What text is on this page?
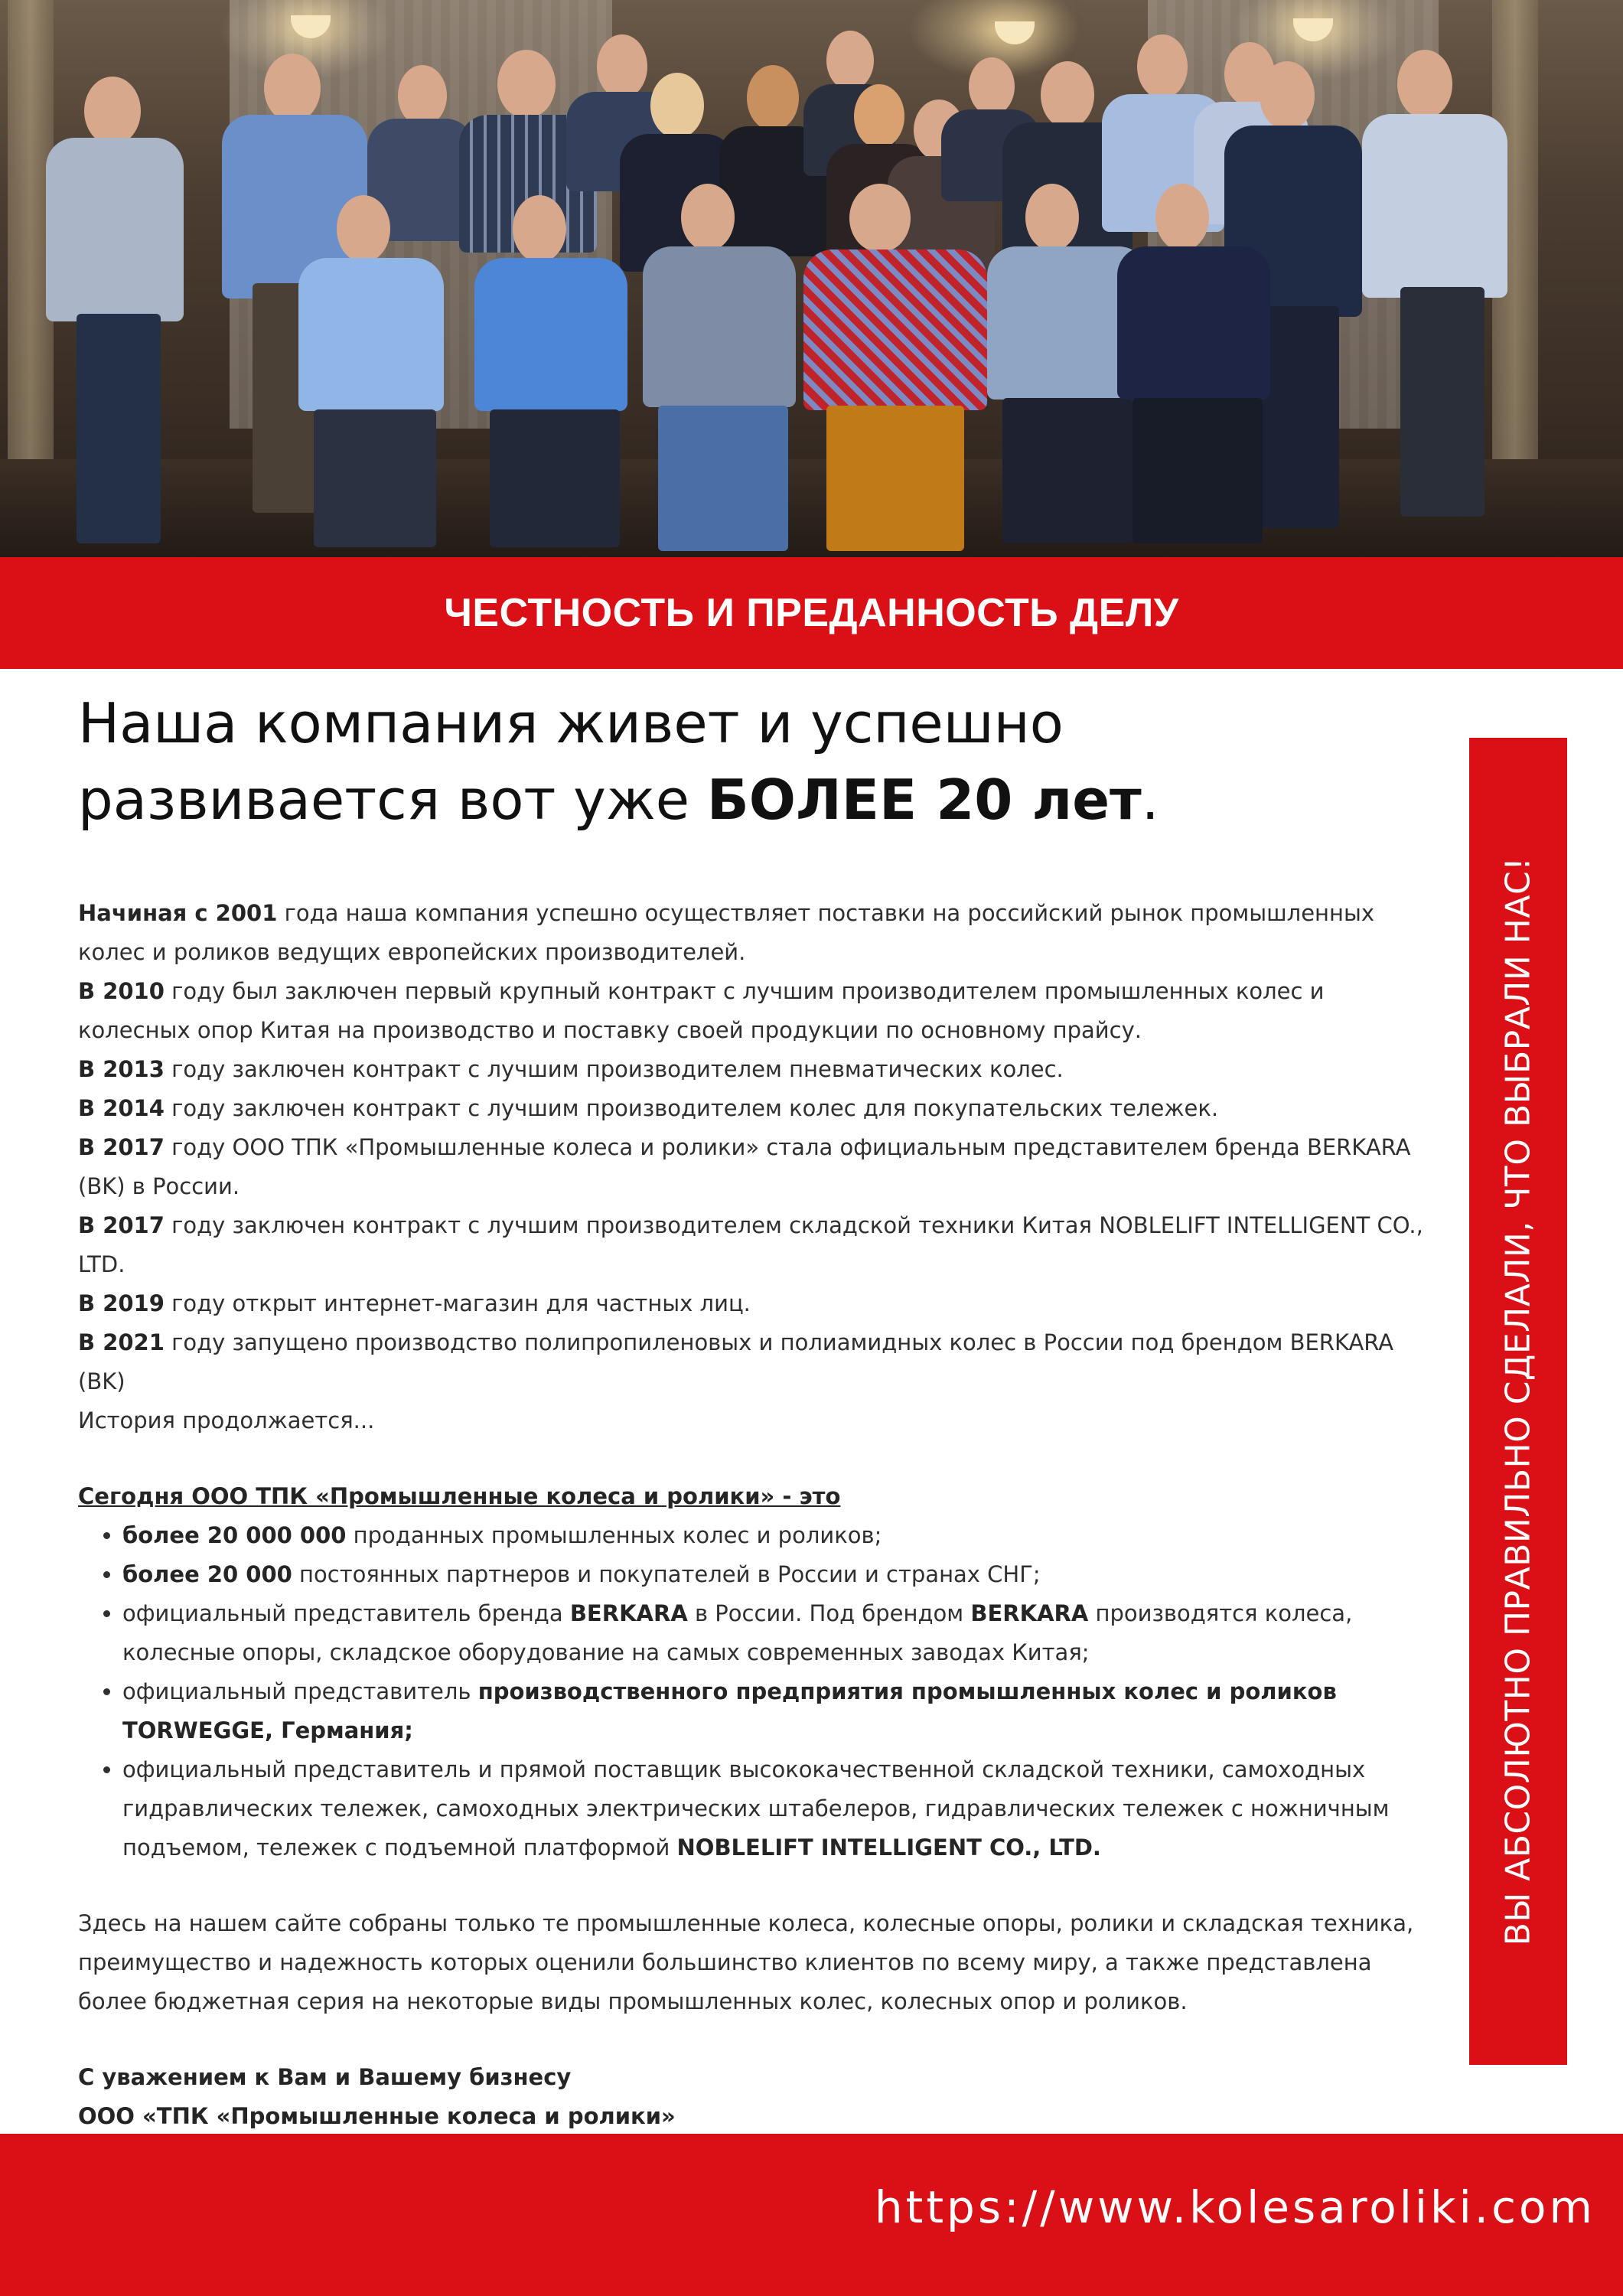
ЧЕСТНОСТЬ И ПРЕДАННОСТЬ ДЕЛУ
Наша компания живет и успешно
развивается вот уже БОЛЕЕ 20 лет.

Начиная с 2001 года наша компания успешно осуществляет поставки на российский рынок промышленных колес и роликов ведущих европейских производителей.

В 2010 году был заключен первый крупный контракт с лучшим производителем промышленных колес и колесных опор Китая на производство и поставку своей продукции по основному прайсу.

В 2013 году заключен контракт с лучшим производителем пневматических колес.

В 2014 году заключен контракт с лучшим производителем колес для покупательских тележек.

В 2017 году ООО ТПК «Промышленные колеса и ролики» стала официальным представителем бренда BERKARA (BK) в России.

В 2017 году заключен контракт с лучшим производителем складской техники Китая NOBLELIFT INTELLIGENT CO., LTD.

В 2019 году открыт интернет-магазин для частных лиц.

В 2021 году запущено производство полипропиленовых и полиамидных колес в России под брендом BERKARA (BK)

История продолжается...

Сегодня ООО ТПК «Промышленные колеса и ролики» - это

• более 20 000 000 проданных промышленных колес и роликов;
• более 20 000 постоянных партнеров и покупателей в России и странах СНГ;
• официальный представитель бренда BERKARA в России. Под брендом BERKARA производятся колеса, колесные опоры, складское оборудование на самых современных заводах Китая;
• официальный представитель производственного предприятия промышленных колес и роликов TORWEGGE, Германия;
• официальный представитель и прямой поставщик высококачественной складской техники, самоходных гидравлических тележек, самоходных электрических штабелеров, гидравлических тележек с ножничным подъемом, тележек с подъемной платформой NOBLELIFT INTELLIGENT CO., LTD.

Здесь на нашем сайте собраны только те промышленные колеса, колесные опоры, ролики и складская техника, преимущество и надежность которых оценили большинство клиентов по всему миру, а также представлена более бюджетная серия на некоторые виды промышленных колес, колесных опор и роликов.

С уважением к Вам и Вашему бизнесу

ООО «ТПК «Промышленные колеса и ролики»

ВЫ АБСОЛЮТНО ПРАВИЛЬНО СДЕЛАЛИ, ЧТО ВЫБРАЛИ НАС!
https://www.kolesaroliki.com
